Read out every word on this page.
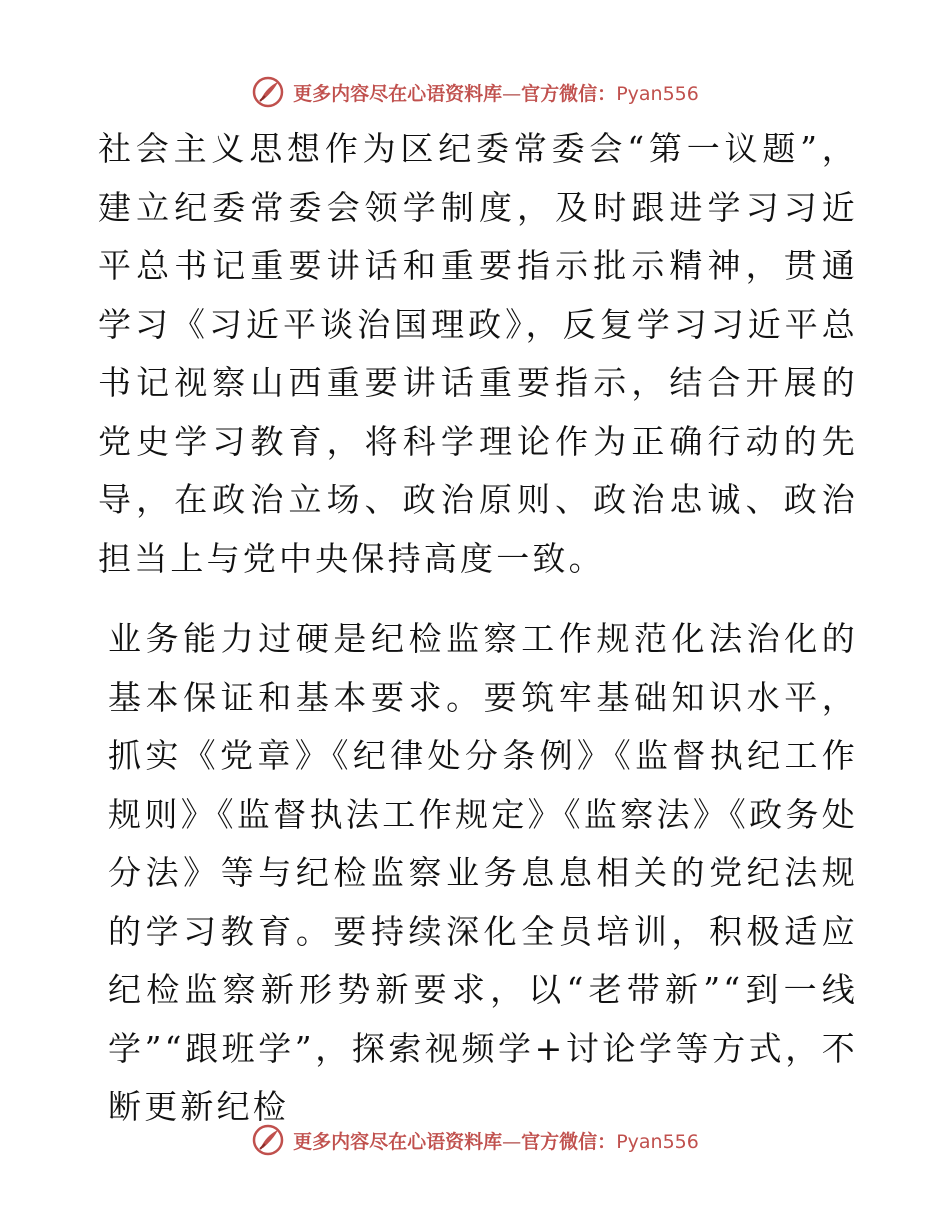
更多内容尽在心语资料库—官方微信：Pyan556

社会主义思想作为区纪委常委会“第一议题”，建立纪委常委会领学制度，及时跟进学习习近平总书记重要讲话和重要指示批示精神，贯通学习《习近平谈治国理政》，反复学习习近平总书记视察山西重要讲话重要指示，结合开展的党史学习教育，将科学理论作为正确行动的先导，在政治立场、政治原则、政治忠诚、政治担当上与党中央保持高度一致。

业务能力过硬是纪检监察工作规范化法治化的基本保证和基本要求。要筑牢基础知识水平，抓实《党章》《纪律处分条例》《监督执纪工作规则》《监督执法工作规定》《监察法》《政务处分法》等与纪检监察业务息息相关的党纪法规的学习教育。要持续深化全员培训，积极适应纪检监察新形势新要求，以“老带新”“到一线学”“跟班学”，探索视频学+讨论学等方式，不断更新纪检

更多内容尽在心语资料库—官方微信：Pyan556
